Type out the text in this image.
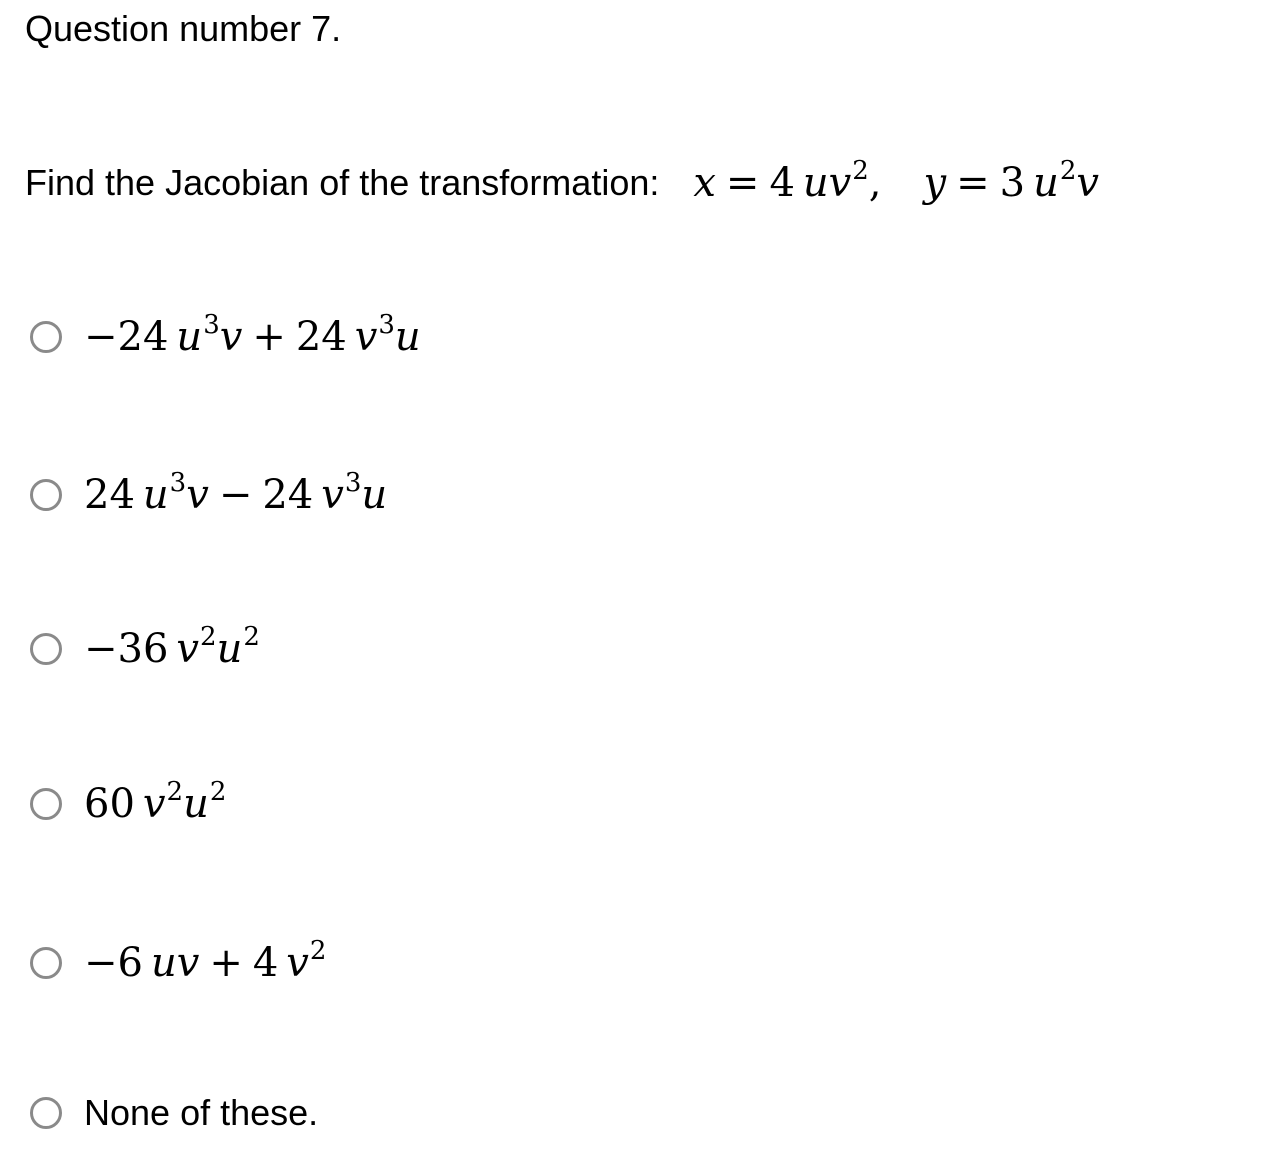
Question number 7.
Find the Jacobian of the transformation: x = 4 $uv^2$, y = 3 $u^2v$
−24 $u^3v + 24$ $v^3u$
24 $u^3v - 24$ $v^3u$
−36 $v^2u^2$
60 $v^2u^2$
−6 uv + 4 $v^2$
None of these.
